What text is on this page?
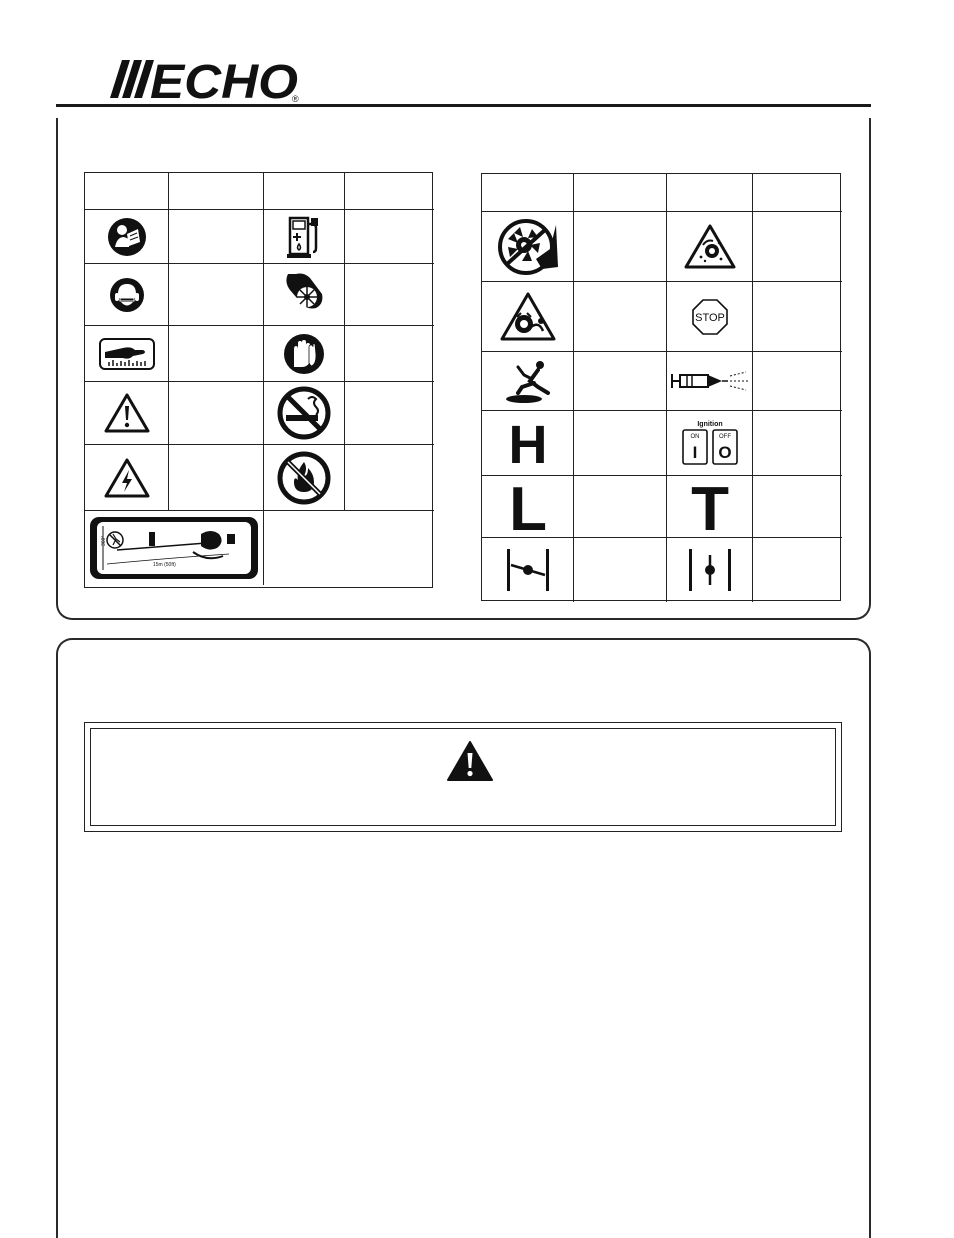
ECHO
®
360°
15m (50ft)
STOP
H	Ignition
ON	OFF
I O
L T
